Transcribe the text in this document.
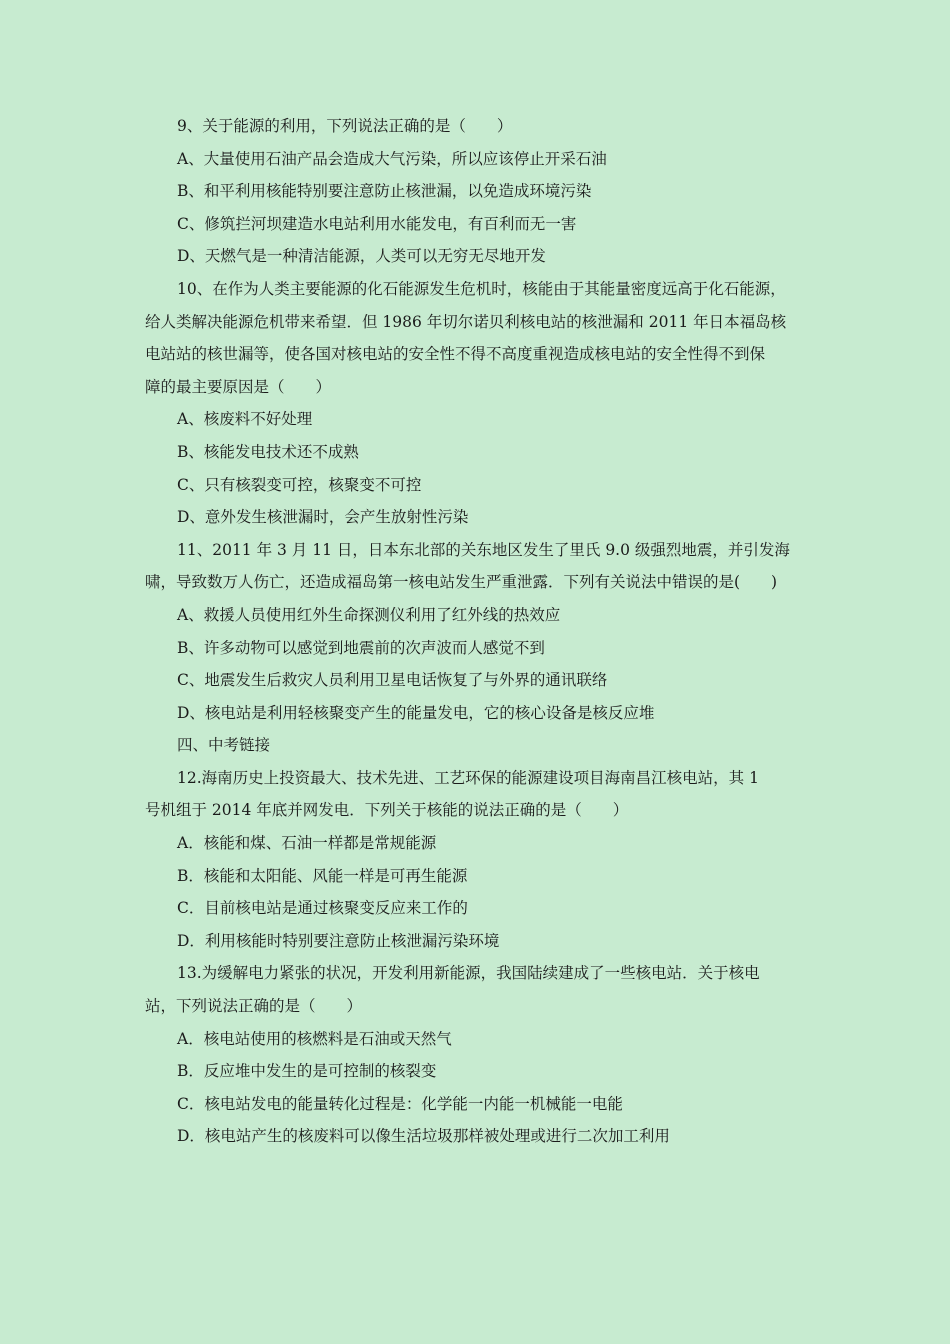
9、关于能源的利用，下列说法正确的是（　　）
A、大量使用石油产品会造成大气污染，所以应该停止开采石油
B、和平利用核能特别要注意防止核泄漏，以免造成环境污染
C、修筑拦河坝建造水电站利用水能发电，有百利而无一害
D、天燃气是一种清洁能源，人类可以无穷无尽地开发
10、在作为人类主要能源的化石能源发生危机时，核能由于其能量密度远高于化石能源，
给人类解决能源危机带来希望．但 1986 年切尔诺贝利核电站的核泄漏和 2011 年日本福岛核
电站站的核世漏等，使各国对核电站的安全性不得不高度重视造成核电站的安全性得不到保
障的最主要原因是（　　）
A、核废料不好处理
B、核能发电技术还不成熟
C、只有核裂变可控，核聚变不可控
D、意外发生核泄漏时，会产生放射性污染
11、2011 年 3 月 11 日，日本东北部的关东地区发生了里氏 9.0 级强烈地震，并引发海
啸，导致数万人伤亡，还造成福岛第一核电站发生严重泄露．下列有关说法中错误的是(　　)
A、救援人员使用红外生命探测仪利用了红外线的热效应
B、许多动物可以感觉到地震前的次声波而人感觉不到
C、地震发生后救灾人员利用卫星电话恢复了与外界的通讯联络
D、核电站是利用轻核聚变产生的能量发电，它的核心设备是核反应堆
四、中考链接
12.海南历史上投资最大、技术先进、工艺环保的能源建设项目海南昌江核电站，其 1
号机组于 2014 年底并网发电．下列关于核能的说法正确的是（　　）
A．核能和煤、石油一样都是常规能源
B．核能和太阳能、风能一样是可再生能源
C．目前核电站是通过核聚变反应来工作的
D．利用核能时特别要注意防止核泄漏污染环境
13.为缓解电力紧张的状况，开发利用新能源，我国陆续建成了一些核电站．关于核电
站，下列说法正确的是（　　）
A．核电站使用的核燃料是石油或天然气
B．反应堆中发生的是可控制的核裂变
C．核电站发电的能量转化过程是：化学能一内能一机械能一电能
D．核电站产生的核废料可以像生活垃圾那样被处理或进行二次加工利用
